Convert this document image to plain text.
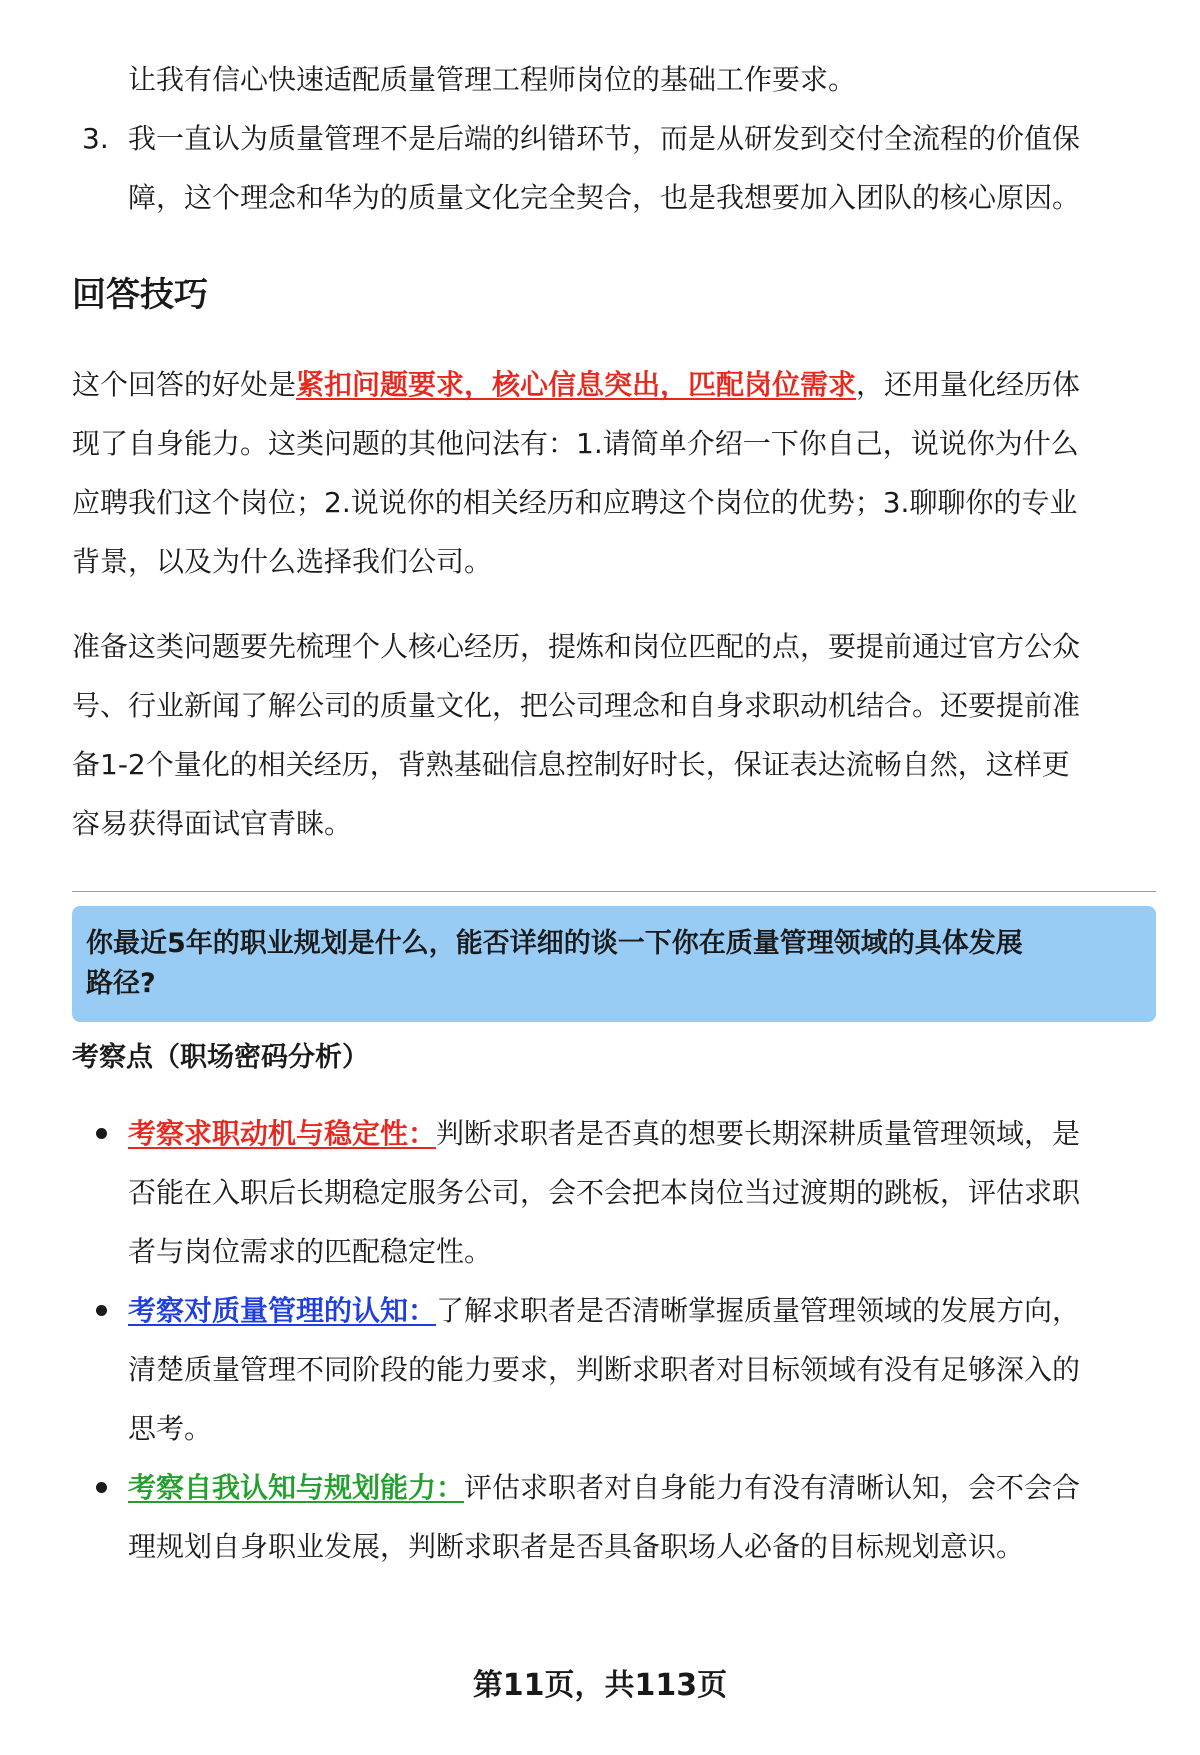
让我有信心快速适配质量管理工程师岗位的基础工作要求。
3. 我一直认为质量管理不是后端的纠错环节，而是从研发到交付全流程的价值保
障，这个理念和华为的质量文化完全契合，也是我想要加入团队的核心原因。
回答技巧
这个回答的好处是紧扣问题要求，核心信息突出，匹配岗位需求，还用量化经历体
现了自身能力。这类问题的其他问法有：1.请简单介绍一下你自己，说说你为什么
应聘我们这个岗位；2.说说你的相关经历和应聘这个岗位的优势；3.聊聊你的专业
背景，以及为什么选择我们公司。
准备这类问题要先梳理个人核心经历，提炼和岗位匹配的点，要提前通过官方公众
号、行业新闻了解公司的质量文化，把公司理念和自身求职动机结合。还要提前准
备1-2个量化的相关经历，背熟基础信息控制好时长，保证表达流畅自然，这样更
容易获得面试官青睐。
你最近5年的职业规划是什么，能否详细的谈一下你在质量管理领域的具体发展
路径?
考察点（职场密码分析）
考察求职动机与稳定性：判断求职者是否真的想要长期深耕质量管理领域，是
否能在入职后长期稳定服务公司，会不会把本岗位当过渡期的跳板，评估求职
者与岗位需求的匹配稳定性。
考察对质量管理的认知：了解求职者是否清晰掌握质量管理领域的发展方向，
清楚质量管理不同阶段的能力要求，判断求职者对目标领域有没有足够深入的
思考。
考察自我认知与规划能力：评估求职者对自身能力有没有清晰认知，会不会合
理规划自身职业发展，判断求职者是否具备职场人必备的目标规划意识。
第11页，共113页
